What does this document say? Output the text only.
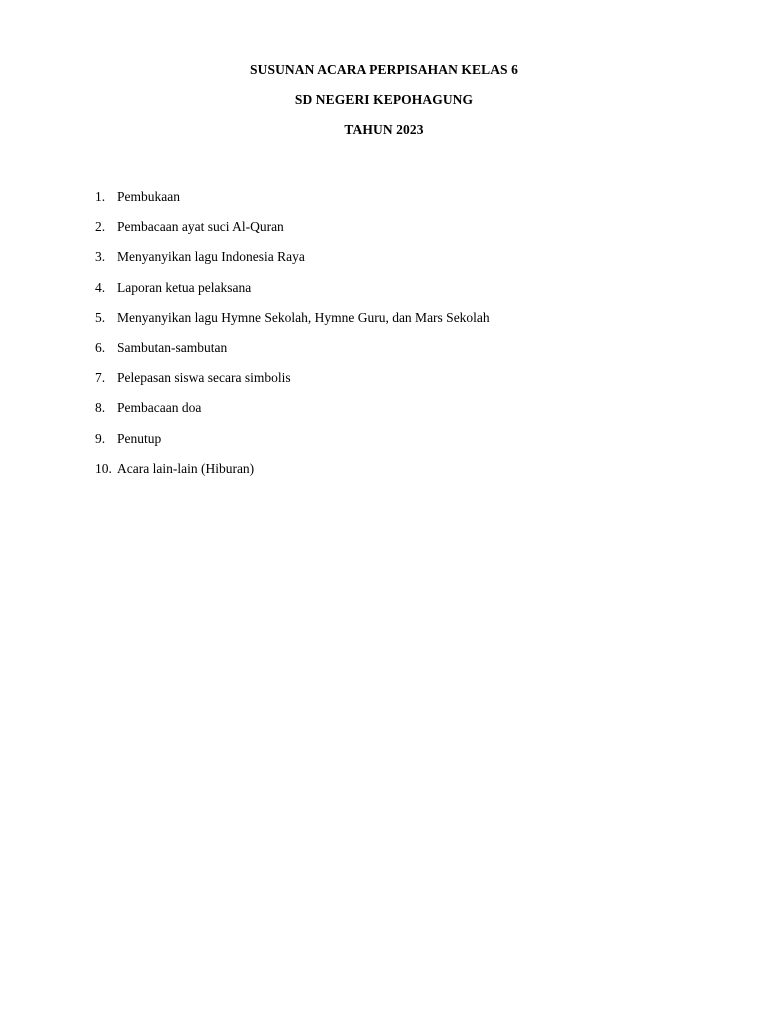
SUSUNAN ACARA PERPISAHAN KELAS 6
SD NEGERI KEPOHAGUNG
TAHUN 2023
1. Pembukaan
2. Pembacaan ayat suci Al-Quran
3. Menyanyikan lagu Indonesia Raya
4. Laporan ketua pelaksana
5. Menyanyikan lagu Hymne Sekolah, Hymne Guru, dan Mars Sekolah
6. Sambutan-sambutan
7. Pelepasan siswa secara simbolis
8. Pembacaan doa
9. Penutup
10. Acara lain-lain (Hiburan)
